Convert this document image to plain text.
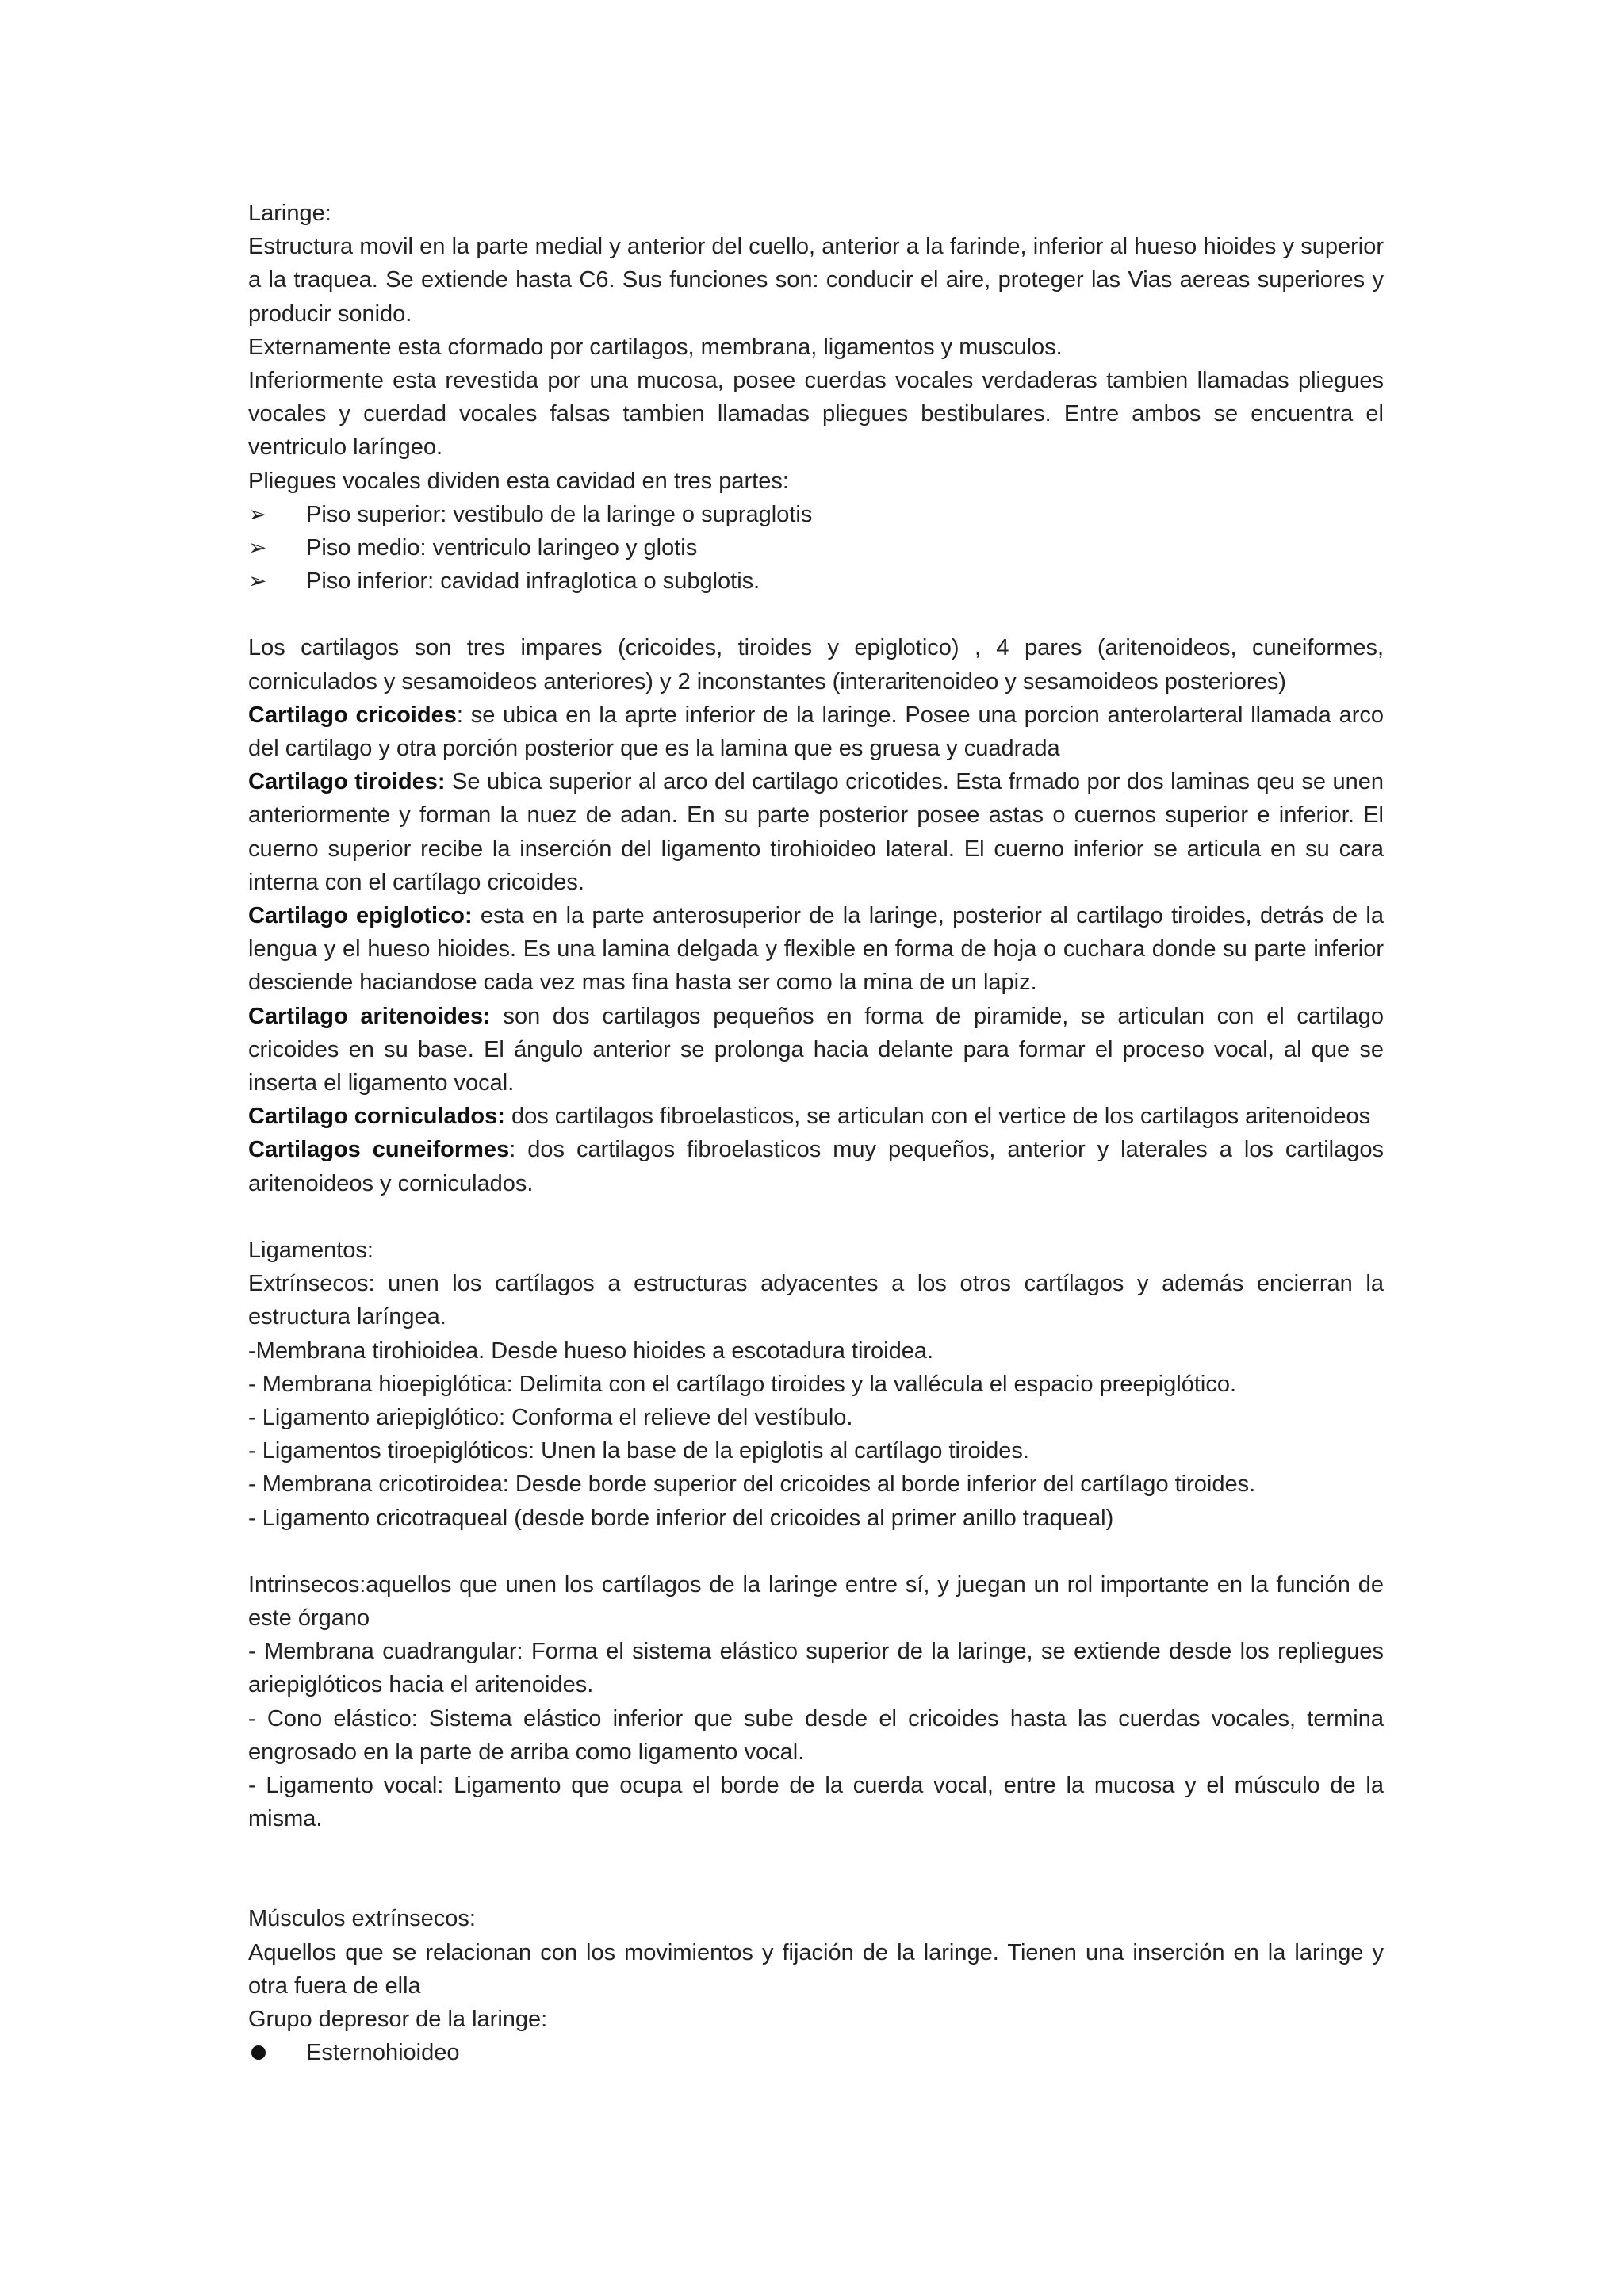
Laringe:

Estructura movil en la parte medial y anterior del cuello, anterior a la farinde, inferior al hueso hioides y superior a la traquea. Se extiende hasta C6. Sus funciones son: conducir el aire, proteger las Vias aereas superiores y producir sonido.

Externamente esta cformado por cartilagos, membrana, ligamentos y musculos.

Inferiormente esta revestida por una mucosa, posee cuerdas vocales verdaderas tambien llamadas pliegues vocales y cuerdad vocales falsas tambien llamadas pliegues bestibulares. Entre ambos se encuentra el ventriculo laríngeo.

Pliegues vocales dividen esta cavidad en tres partes:

➢ Piso superior: vestibulo de la laringe o supraglotis

➢ Piso medio: ventriculo laringeo y glotis

➢ Piso inferior: cavidad infraglotica o subglotis.

Los cartilagos son tres impares (cricoides, tiroides y epiglotico) , 4 pares (aritenoideos, cuneiformes, corniculados y sesamoideos anteriores) y 2 inconstantes (interaritenoideo y sesamoideos posteriores)

Cartilago cricoides: se ubica en la aprte inferior de la laringe. Posee una porcion anterolarteral llamada arco del cartilago y otra porción posterior que es la lamina que es gruesa y cuadrada

Cartilago tiroides: Se ubica superior al arco del cartilago cricotides. Esta frmado por dos laminas qeu se unen anteriormente y forman la nuez de adan. En su parte posterior posee astas o cuernos superior e inferior. El cuerno superior recibe la inserción del ligamento tirohioideo lateral. El cuerno inferior se articula en su cara interna con el cartílago cricoides.

Cartilago epiglotico: esta en la parte anterosuperior de la laringe, posterior al cartilago tiroides, detrás de la lengua y el hueso hioides. Es una lamina delgada y flexible en forma de hoja o cuchara donde su parte inferior desciende haciandose cada vez mas fina hasta ser como la mina de un lapiz.

Cartilago aritenoides: son dos cartilagos pequeños en forma de piramide, se articulan con el cartilago cricoides en su base. El ángulo anterior se prolonga hacia delante para formar el proceso vocal, al que se inserta el ligamento vocal.

Cartilago corniculados: dos cartilagos fibroelasticos, se articulan con el vertice de los cartilagos aritenoideos

Cartilagos cuneiformes: dos cartilagos fibroelasticos muy pequeños, anterior y laterales a los cartilagos aritenoideos y corniculados.

Ligamentos:

Extrínsecos: unen los cartílagos a estructuras adyacentes a los otros cartílagos y además encierran la estructura laríngea.

-Membrana tirohioidea. Desde hueso hioides a escotadura tiroidea.

- Membrana hioepiglótica: Delimita con el cartílago tiroides y la vallécula el espacio preepiglótico.

- Ligamento ariepiglótico: Conforma el relieve del vestíbulo.

- Ligamentos tiroepiglóticos: Unen la base de la epiglotis al cartílago tiroides.

- Membrana cricotiroidea: Desde borde superior del cricoides al borde inferior del cartílago tiroides.

- Ligamento cricotraqueal (desde borde inferior del cricoides al primer anillo traqueal)

Intrinsecos:aquellos que unen los cartílagos de la laringe entre sí, y juegan un rol importante en la función de este órgano

- Membrana cuadrangular: Forma el sistema elástico superior de la laringe, se extiende desde los repliegues ariepiglóticos hacia el aritenoides.

- Cono elástico: Sistema elástico inferior que sube desde el cricoides hasta las cuerdas vocales, termina engrosado en la parte de arriba como ligamento vocal.

- Ligamento vocal: Ligamento que ocupa el borde de la cuerda vocal, entre la mucosa y el músculo de la misma.

Músculos extrínsecos:

Aquellos que se relacionan con los movimientos y fijación de la laringe. Tienen una inserción en la laringe y otra fuera de ella

Grupo depresor de la laringe:

Esternohioideo
